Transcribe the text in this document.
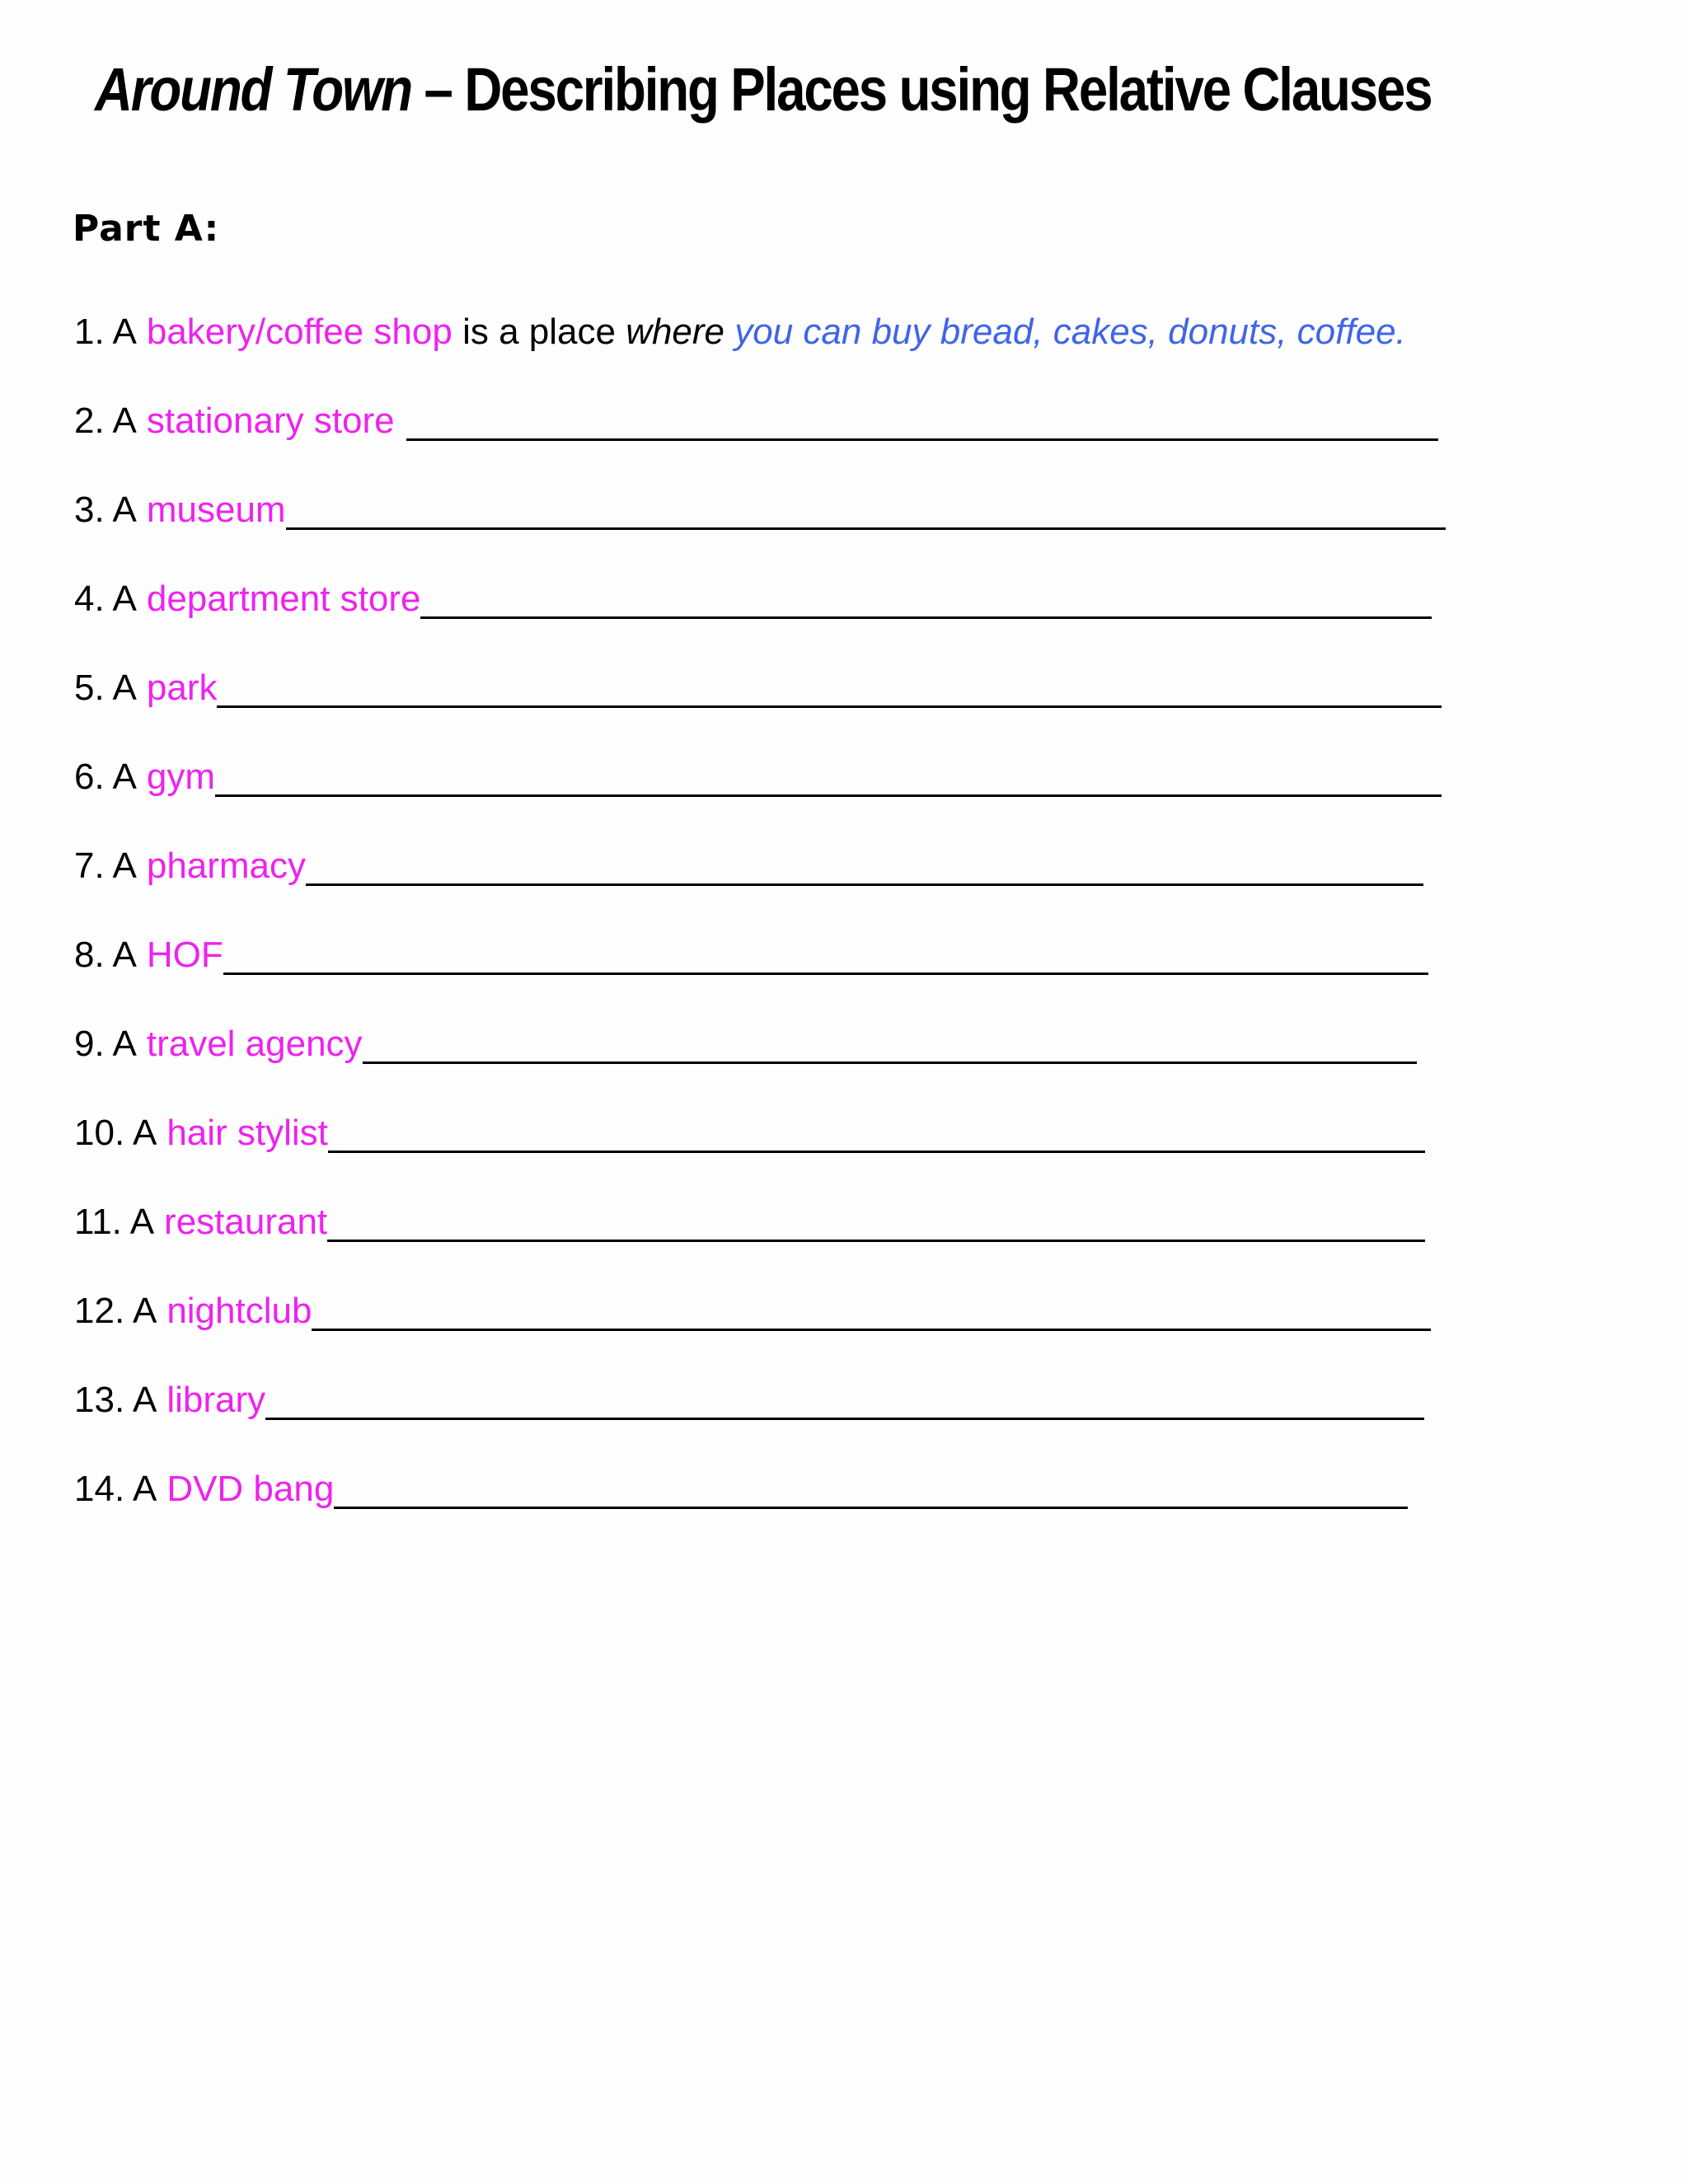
Around Town – Describing Places using Relative Clauses
Part A:
1. A bakery/coffee shop is a place where you can buy bread, cakes, donuts, coffee.
2. A stationary store
3. A museum
4. A department store
5. A park
6. A gym
7. A pharmacy
8. A HOF
9. A travel agency
10. A hair stylist
11. A restaurant
12. A nightclub
13. A library
14. A DVD bang
